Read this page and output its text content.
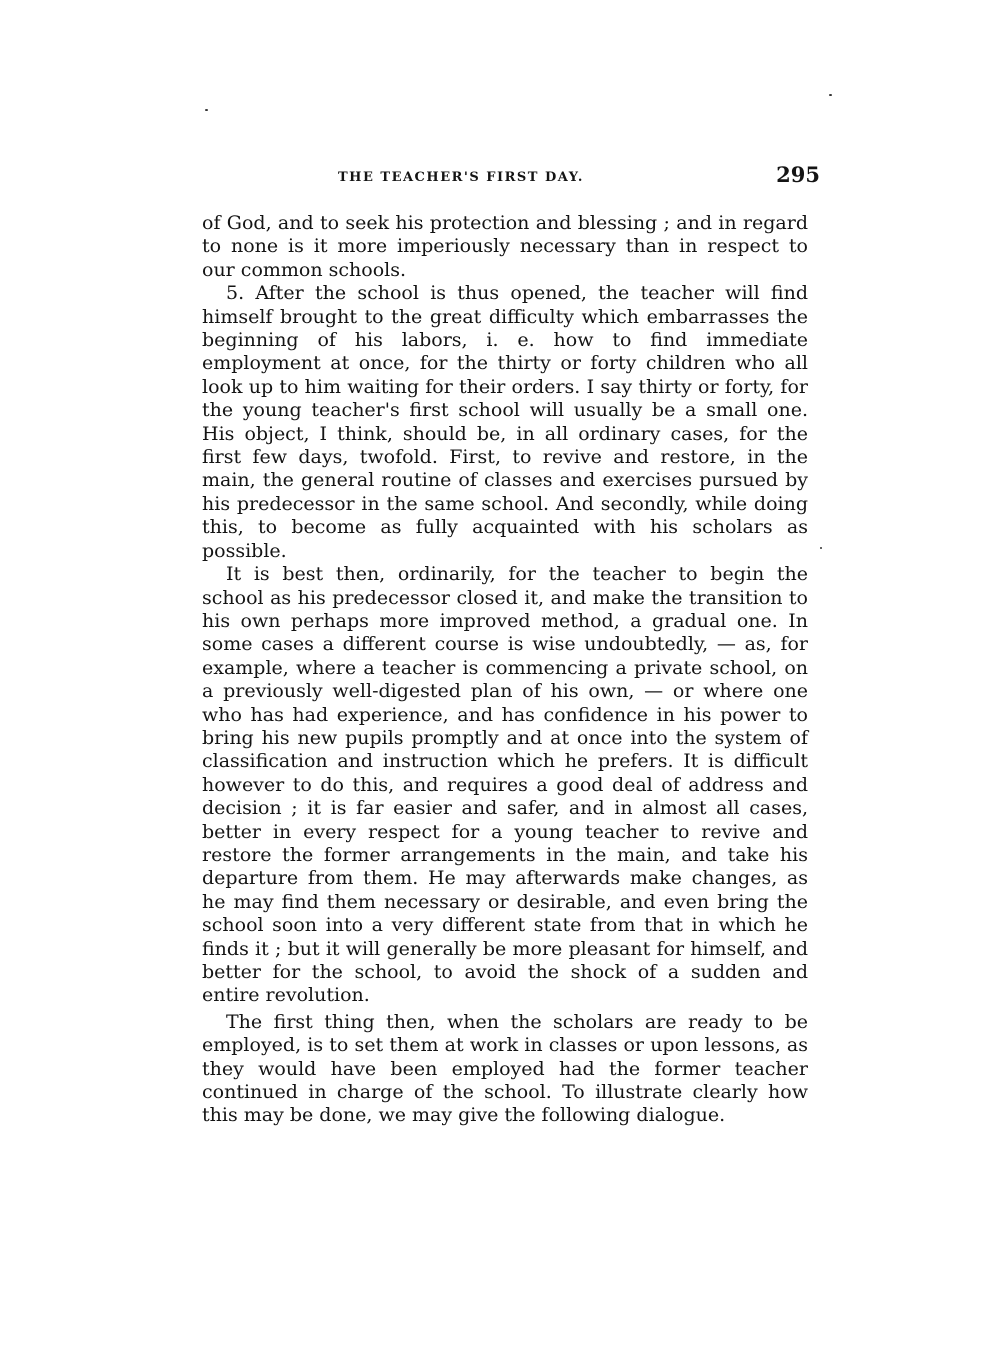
THE TEACHER'S FIRST DAY.	295

of God, and to seek his protection and blessing ; and in regard to none is it more imperiously necessary than in respect to our common schools.

5. After the school is thus opened, the teacher will find himself brought to the great difficulty which embarrasses the beginning of his labors, i. e. how to find immediate employment at once, for the thirty or forty children who all look up to him waiting for their orders. I say thirty or forty, for the young teacher's first school will usually be a small one. His object, I think, should be, in all ordinary cases, for the first few days, twofold. First, to revive and restore, in the main, the general routine of classes and exercises pursued by his predecessor in the same school. And secondly, while doing this, to become as fully acquainted with his scholars as possible.

It is best then, ordinarily, for the teacher to begin the school as his predecessor closed it, and make the transition to his own perhaps more improved method, a gradual one. In some cases a different course is wise undoubtedly, — as, for example, where a teacher is commencing a private school, on a previously well-digested plan of his own, — or where one who has had experience, and has confidence in his power to bring his new pupils promptly and at once into the system of classification and instruction which he prefers. It is difficult however to do this, and requires a good deal of address and decision ; it is far easier and safer, and in almost all cases, better in every respect for a young teacher to revive and restore the former arrangements in the main, and take his departure from them. He may afterwards make changes, as he may find them necessary or desirable, and even bring the school soon into a very different state from that in which he finds it ; but it will generally be more pleasant for himself, and better for the school, to avoid the shock of a sudden and entire revolution.

The first thing then, when the scholars are ready to be employed, is to set them at work in classes or upon lessons, as they would have been employed had the former teacher continued in charge of the school. To illustrate clearly how this may be done, we may give the following dialogue.
